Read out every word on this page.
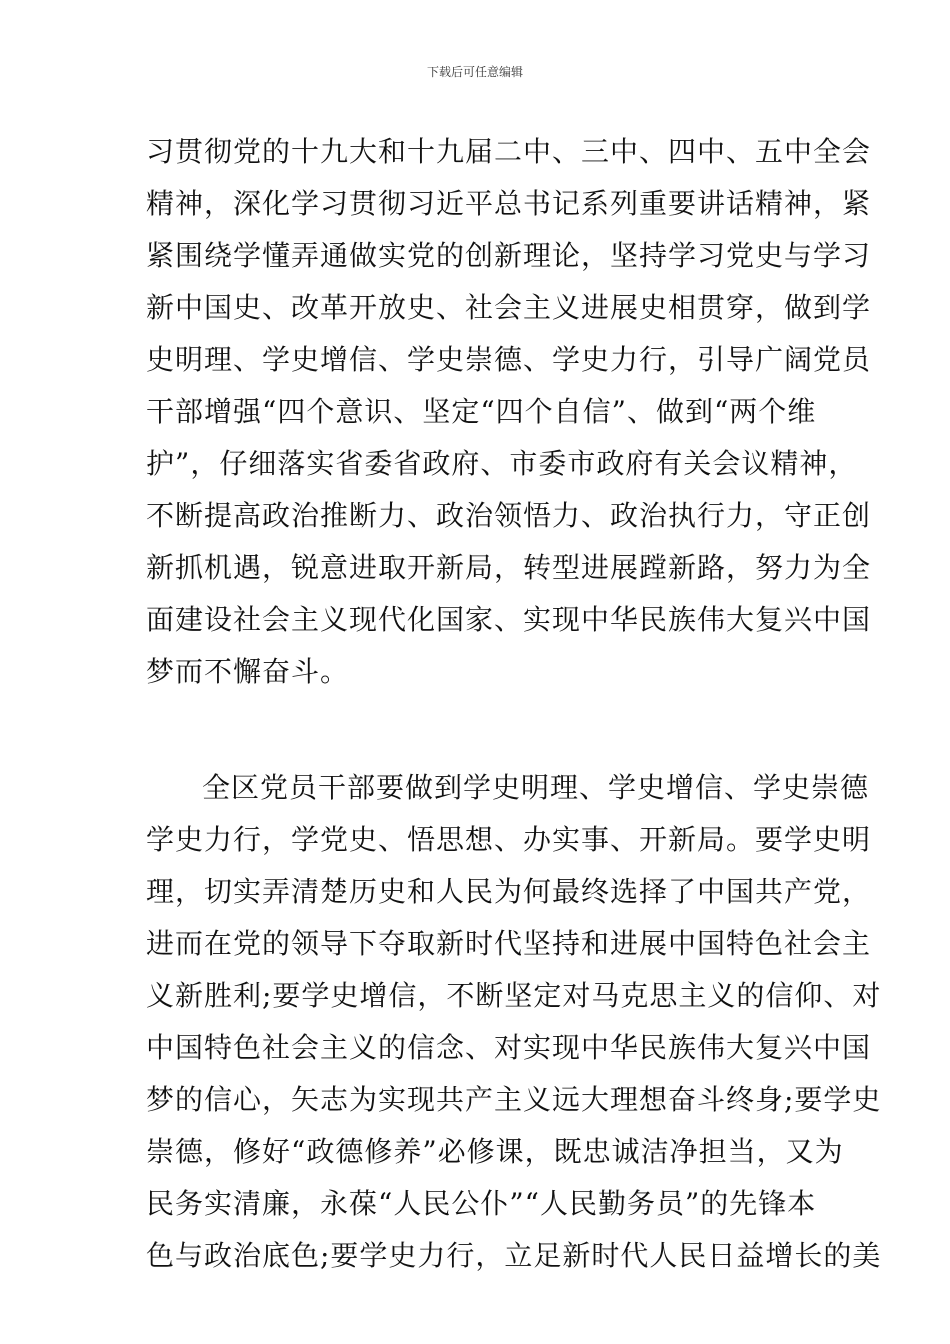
下载后可任意编辑
习贯彻党的十九大和十九届二中、三中、四中、五中全会
精神，深化学习贯彻习近平总书记系列重要讲话精神，紧
紧围绕学懂弄通做实党的创新理论，坚持学习党史与学习
新中国史、改革开放史、社会主义进展史相贯穿，做到学
史明理、学史增信、学史崇德、学史力行，引导广阔党员
干部增强“四个意识、坚定“四个自信”、做到“两个维
护”，仔细落实省委省政府、市委市政府有关会议精神，
不断提高政治推断力、政治领悟力、政治执行力，守正创
新抓机遇，锐意进取开新局，转型进展蹚新路，努力为全
面建设社会主义现代化国家、实现中华民族伟大复兴中国
梦而不懈奋斗。
全区党员干部要做到学史明理、学史增信、学史崇德
学史力行，学党史、悟思想、办实事、开新局。要学史明
理，切实弄清楚历史和人民为何最终选择了中国共产党，
进而在党的领导下夺取新时代坚持和进展中国特色社会主
义新胜利;要学史增信，不断坚定对马克思主义的信仰、对
中国特色社会主义的信念、对实现中华民族伟大复兴中国
梦的信心，矢志为实现共产主义远大理想奋斗终身;要学史
崇德，修好“政德修养”必修课，既忠诚洁净担当，又为
民务实清廉，永葆“人民公仆”“人民勤务员”的先锋本
色与政治底色;要学史力行，立足新时代人民日益增长的美
